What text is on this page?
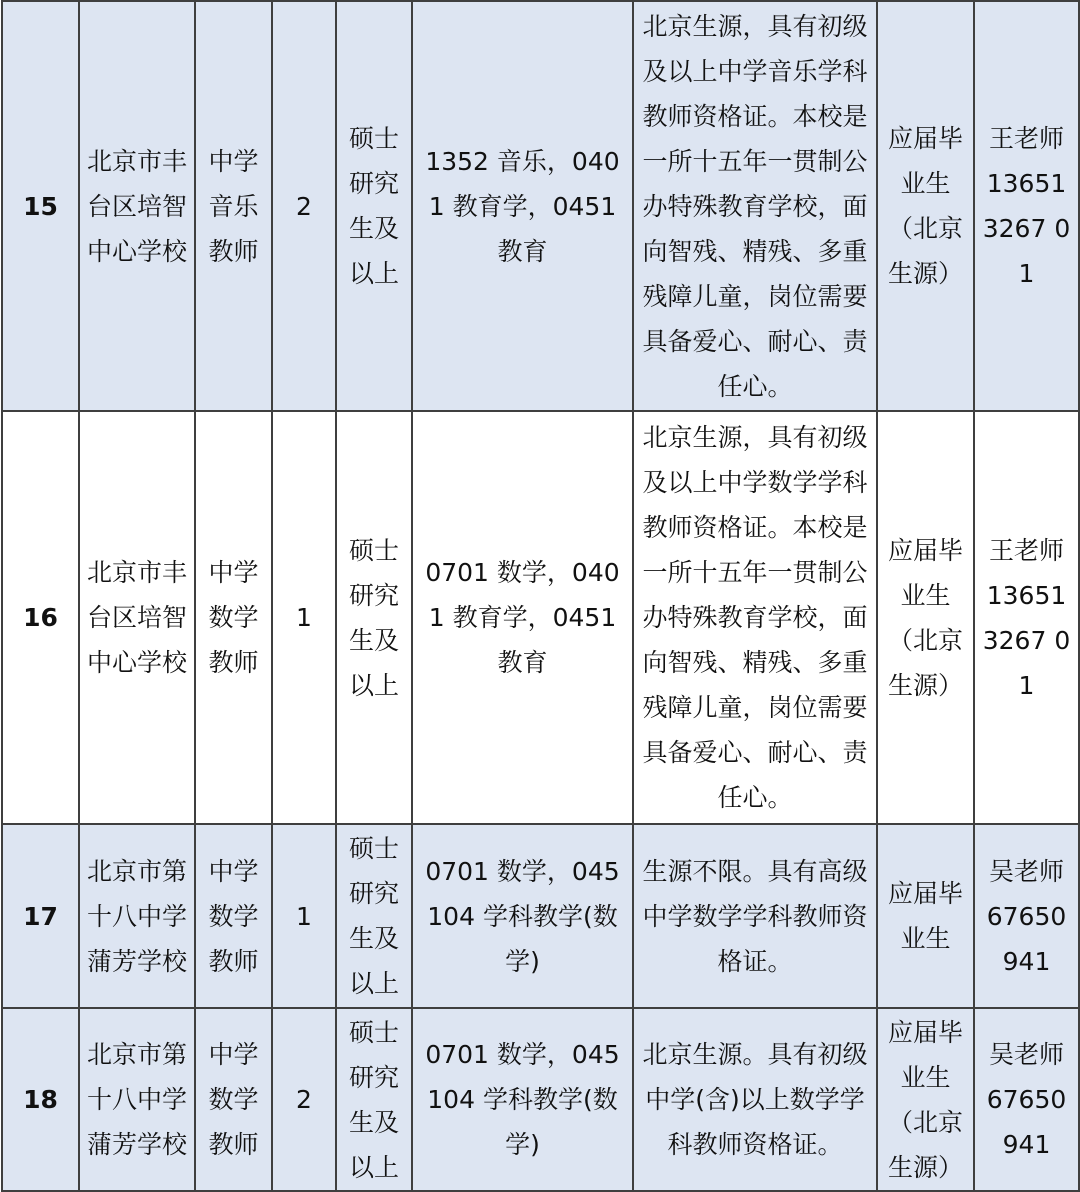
15	北京市丰台区培智中心学校	中学音乐教师	2	硕士研究生及以上	1352 音乐，0401 教育学，0451 教育	北京生源，具有初级及以上中学音乐学科教师资格证。本校是一所十五年一贯制公办特殊教育学校，面向智残、精残、多重残障儿童，岗位需要具备爱心、耐心、责任心。	应届毕业生（北京生源）	王老师 136513267 01
16	北京市丰台区培智中心学校	中学数学教师	1	硕士研究生及以上	0701 数学，0401 教育学，0451 教育	北京生源，具有初级及以上中学数学学科教师资格证。本校是一所十五年一贯制公办特殊教育学校，面向智残、精残、多重残障儿童，岗位需要具备爱心、耐心、责任心。	应届毕业生（北京生源）	王老师 136513267 01
17	北京市第十八中学蒲芳学校	中学数学教师	1	硕士研究生及以上	0701 数学，045104 学科教学(数学)	生源不限。具有高级中学数学学科教师资格证。	应届毕业生	吴老师 67650941
18	北京市第十八中学蒲芳学校	中学数学教师	2	硕士研究生及以上	0701 数学，045104 学科教学(数学)	北京生源。具有初级中学(含)以上数学学科教师资格证。	应届毕业生（北京生源）	吴老师 67650941
